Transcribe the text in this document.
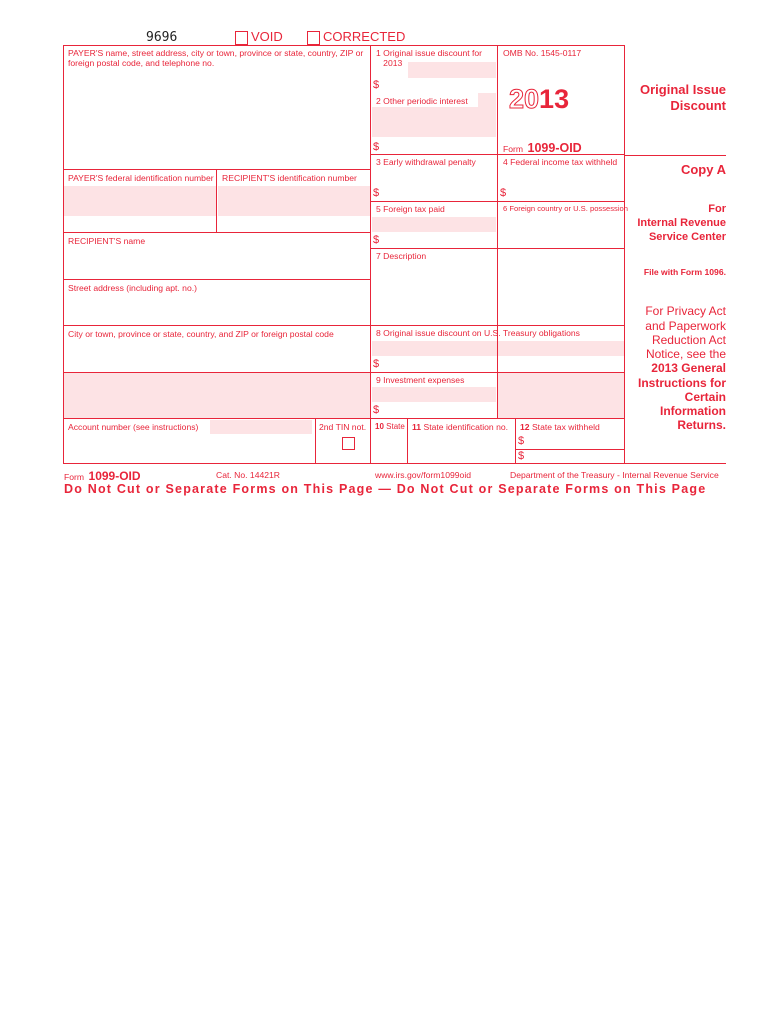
9696	VOID	CORRECTED
PAYER'S name, street address, city or town, province or state, country, ZIP or foreign postal code, and telephone no.
PAYER'S federal identification number RECIPIENT'S identification number
RECIPIENT'S name
Street address (including apt. no.)
City or town, province or state, country, and ZIP or foreign postal code
Account number (see instructions)	2nd TIN not.
1 Original issue discount for 2013
$
2 Other periodic interest
$
3 Early withdrawal penalty
$
4 Federal income tax withheld
$
5 Foreign tax paid
$
6 Foreign country or U.S. possession
7 Description
8 Original issue discount on U.S. Treasury obligations
$
9 Investment expenses
$
10 State 11 State identification no. 12 State tax withheld
$
$
OMB No. 1545-0117
2013
Form 1099-OID
Original Issue
Discount
Copy A
For
Internal Revenue
Service Center
File with Form 1096.
For Privacy Act
and Paperwork
Reduction Act
Notice, see the
2013 General
Instructions for
Certain
Information
Returns.
Form 1099-OID	Cat. No. 14421R	www.irs.gov/form1099oid	Department of the Treasury - Internal Revenue Service
Do Not Cut or Separate Forms on This Page — Do Not Cut or Separate Forms on This Page
